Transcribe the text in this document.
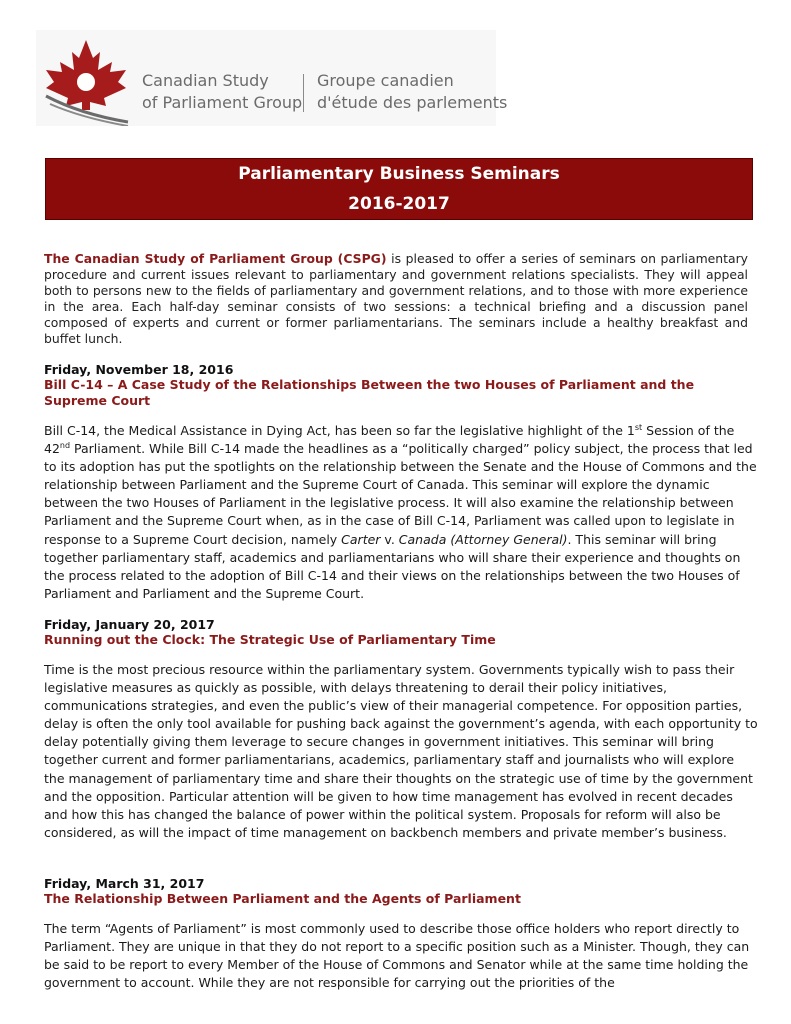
Canadian Study
of Parliament Group
Groupe canadien
d'étude des parlements
Parliamentary Business Seminars
2016-2017
The Canadian Study of Parliament Group (CSPG) is pleased to offer a series of seminars on parliamentary procedure and current issues relevant to parliamentary and government relations specialists. They will appeal both to persons new to the fields of parliamentary and government relations, and to those with more experience in the area. Each half-day seminar consists of two sessions: a technical briefing and a discussion panel composed of experts and current or former parliamentarians. The seminars include a healthy breakfast and buffet lunch.
Friday, November 18, 2016
Bill C-14 – A Case Study of the Relationships Between the two Houses of Parliament and the Supreme Court
Bill C-14, the Medical Assistance in Dying Act, has been so far the legislative highlight of the 1st Session of the 42nd Parliament. While Bill C-14 made the headlines as a “politically charged” policy subject, the process that led to its adoption has put the spotlights on the relationship between the Senate and the House of Commons and the relationship between Parliament and the Supreme Court of Canada. This seminar will explore the dynamic between the two Houses of Parliament in the legislative process. It will also examine the relationship between Parliament and the Supreme Court when, as in the case of Bill C-14, Parliament was called upon to legislate in response to a Supreme Court decision, namely Carter v. Canada (Attorney General). This seminar will bring together parliamentary staff, academics and parliamentarians who will share their experience and thoughts on the process related to the adoption of Bill C-14 and their views on the relationships between the two Houses of Parliament and Parliament and the Supreme Court.
Friday, January 20, 2017
Running out the Clock: The Strategic Use of Parliamentary Time
Time is the most precious resource within the parliamentary system. Governments typically wish to pass their legislative measures as quickly as possible, with delays threatening to derail their policy initiatives, communications strategies, and even the public’s view of their managerial competence. For opposition parties, delay is often the only tool available for pushing back against the government’s agenda, with each opportunity to delay potentially giving them leverage to secure changes in government initiatives. This seminar will bring together current and former parliamentarians, academics, parliamentary staff and journalists who will explore the management of parliamentary time and share their thoughts on the strategic use of time by the government and the opposition. Particular attention will be given to how time management has evolved in recent decades and how this has changed the balance of power within the political system. Proposals for reform will also be considered, as will the impact of time management on backbench members and private member’s business.
Friday, March 31, 2017
The Relationship Between Parliament and the Agents of Parliament
The term “Agents of Parliament” is most commonly used to describe those office holders who report directly to Parliament. They are unique in that they do not report to a specific position such as a Minister. Though, they can be said to be report to every Member of the House of Commons and Senator while at the same time holding the government to account. While they are not responsible for carrying out the priorities of the
